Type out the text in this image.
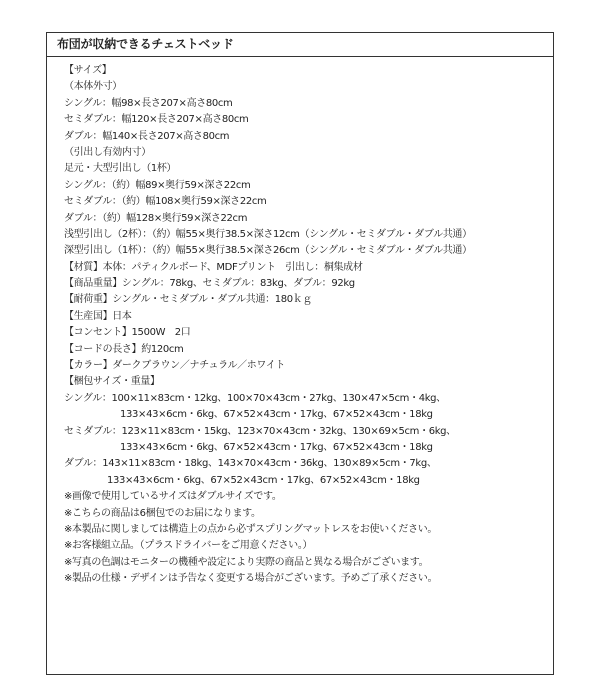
布団が収納できるチェストベッド
【サイズ】
（本体外寸）
シングル：幅98×長さ207×高さ80cm
セミダブル：幅120×長さ207×高さ80cm
ダブル：幅140×長さ207×高さ80cm
（引出し有効内寸）
足元・大型引出し（1杯）
シングル：（約）幅89×奥行59×深さ22cm
セミダブル：（約）幅108×奥行59×深さ22cm
ダブル：（約）幅128×奥行59×深さ22cm
浅型引出し（2杯）：（約）幅55×奥行38.5×深さ12cm（シングル・セミダブル・ダブル共通）
深型引出し（1杯）：（約）幅55×奥行38.5×深さ26cm（シングル・セミダブル・ダブル共通）
【材質】本体：パティクルボード、MDFプリント　引出し：桐集成材
【商品重量】シングル：78kg、セミダブル：83kg、ダブル：92kg
【耐荷重】シングル・セミダブル・ダブル共通：180ｋｇ
【生産国】日本
【コンセント】1500W　2口
【コードの長さ】約120cm
【カラー】ダークブラウン／ナチュラル／ホワイト
【梱包サイズ・重量】
シングル：100×11×83cm・12kg、100×70×43cm・27kg、130×47×5cm・4kg、
133×43×6cm・6kg、67×52×43cm・17kg、67×52×43cm・18kg
セミダブル：123×11×83cm・15kg、123×70×43cm・32kg、130×69×5cm・6kg、
133×43×6cm・6kg、67×52×43cm・17kg、67×52×43cm・18kg
ダブル：143×11×83cm・18kg、143×70×43cm・36kg、130×89×5cm・7kg、
133×43×6cm・6kg、67×52×43cm・17kg、67×52×43cm・18kg
※画像で使用しているサイズはダブルサイズです。
※こちらの商品は6梱包でのお届になります。
※本製品に関しましては構造上の点から必ずスプリングマットレスをお使いください。
※お客様組立品。（プラスドライバーをご用意ください。）
※写真の色調はモニターの機種や設定により実際の商品と異なる場合がございます。
※製品の仕様・デザインは予告なく変更する場合がございます。予めご了承ください。
